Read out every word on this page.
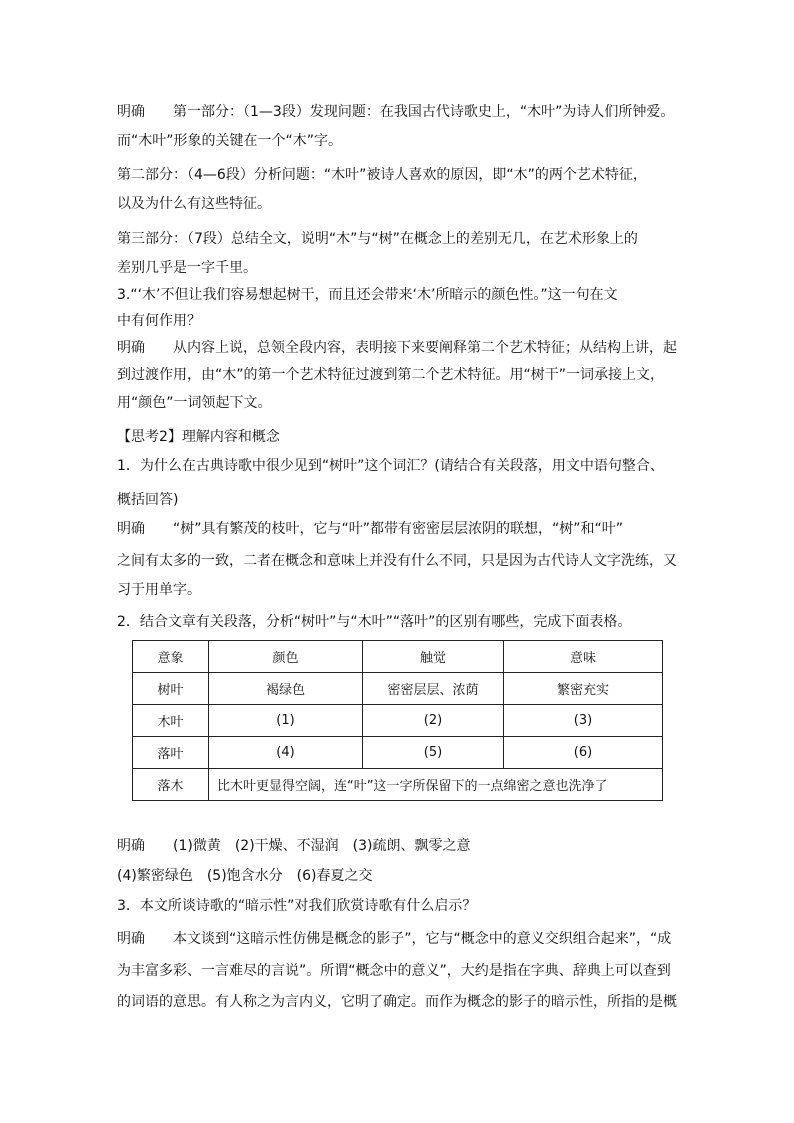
明确　　第一部分：（1—3段）发现问题：在我国古代诗歌史上，“木叶”为诗人们所钟爱。
而“木叶”形象的关键在一个“木”字。
第二部分：（4—6段）分析问题：“木叶”被诗人喜欢的原因，即“木”的两个艺术特征，
以及为什么有这些特征。
第三部分：（7段）总结全文，说明“木”与“树”在概念上的差别无几，在艺术形象上的
差别几乎是一字千里。
3.“‘木’不但让我们容易想起树干，而且还会带来‘木’所暗示的颜色性。”这一句在文
中有何作用？
明确　　从内容上说，总领全段内容，表明接下来要阐释第二个艺术特征；从结构上讲，起
到过渡作用，由“木”的第一个艺术特征过渡到第二个艺术特征。用“树干”一词承接上文，
用“颜色”一词领起下文。
【思考2】理解内容和概念
1．为什么在古典诗歌中很少见到“树叶”这个词汇？(请结合有关段落，用文中语句整合、
概括回答)
明确　　“树”具有繁茂的枝叶，它与“叶”都带有密密层层浓阴的联想，“树”和“叶”
之间有太多的一致，二者在概念和意味上并没有什么不同，只是因为古代诗人文字洗练，又
习于用单字。
2．结合文章有关段落，分析“树叶”与“木叶”“落叶”的区别有哪些，完成下面表格。
意象	颜色	触觉	意味
树叶	褐绿色	密密层层、浓荫	繁密充实
木叶	(1)	(2)	(3)
落叶	(4)	(5)	(6)
落木	比木叶更显得空阔，连“叶”这一字所保留下的一点绵密之意也洗净了		
明确　　(1)微黄　(2)干燥、不湿润　(3)疏朗、飘零之意
(4)繁密绿色　(5)饱含水分　(6)春夏之交
3．本文所谈诗歌的“暗示性”对我们欣赏诗歌有什么启示？
明确　　本文谈到“这暗示性仿佛是概念的影子”，它与“概念中的意义交织组合起来”，“成
为丰富多彩、一言难尽的言说”。所谓“概念中的意义”，大约是指在字典、辞典上可以查到
的词语的意思。有人称之为言内义，它明了确定。而作为概念的影子的暗示性，所指的是概
